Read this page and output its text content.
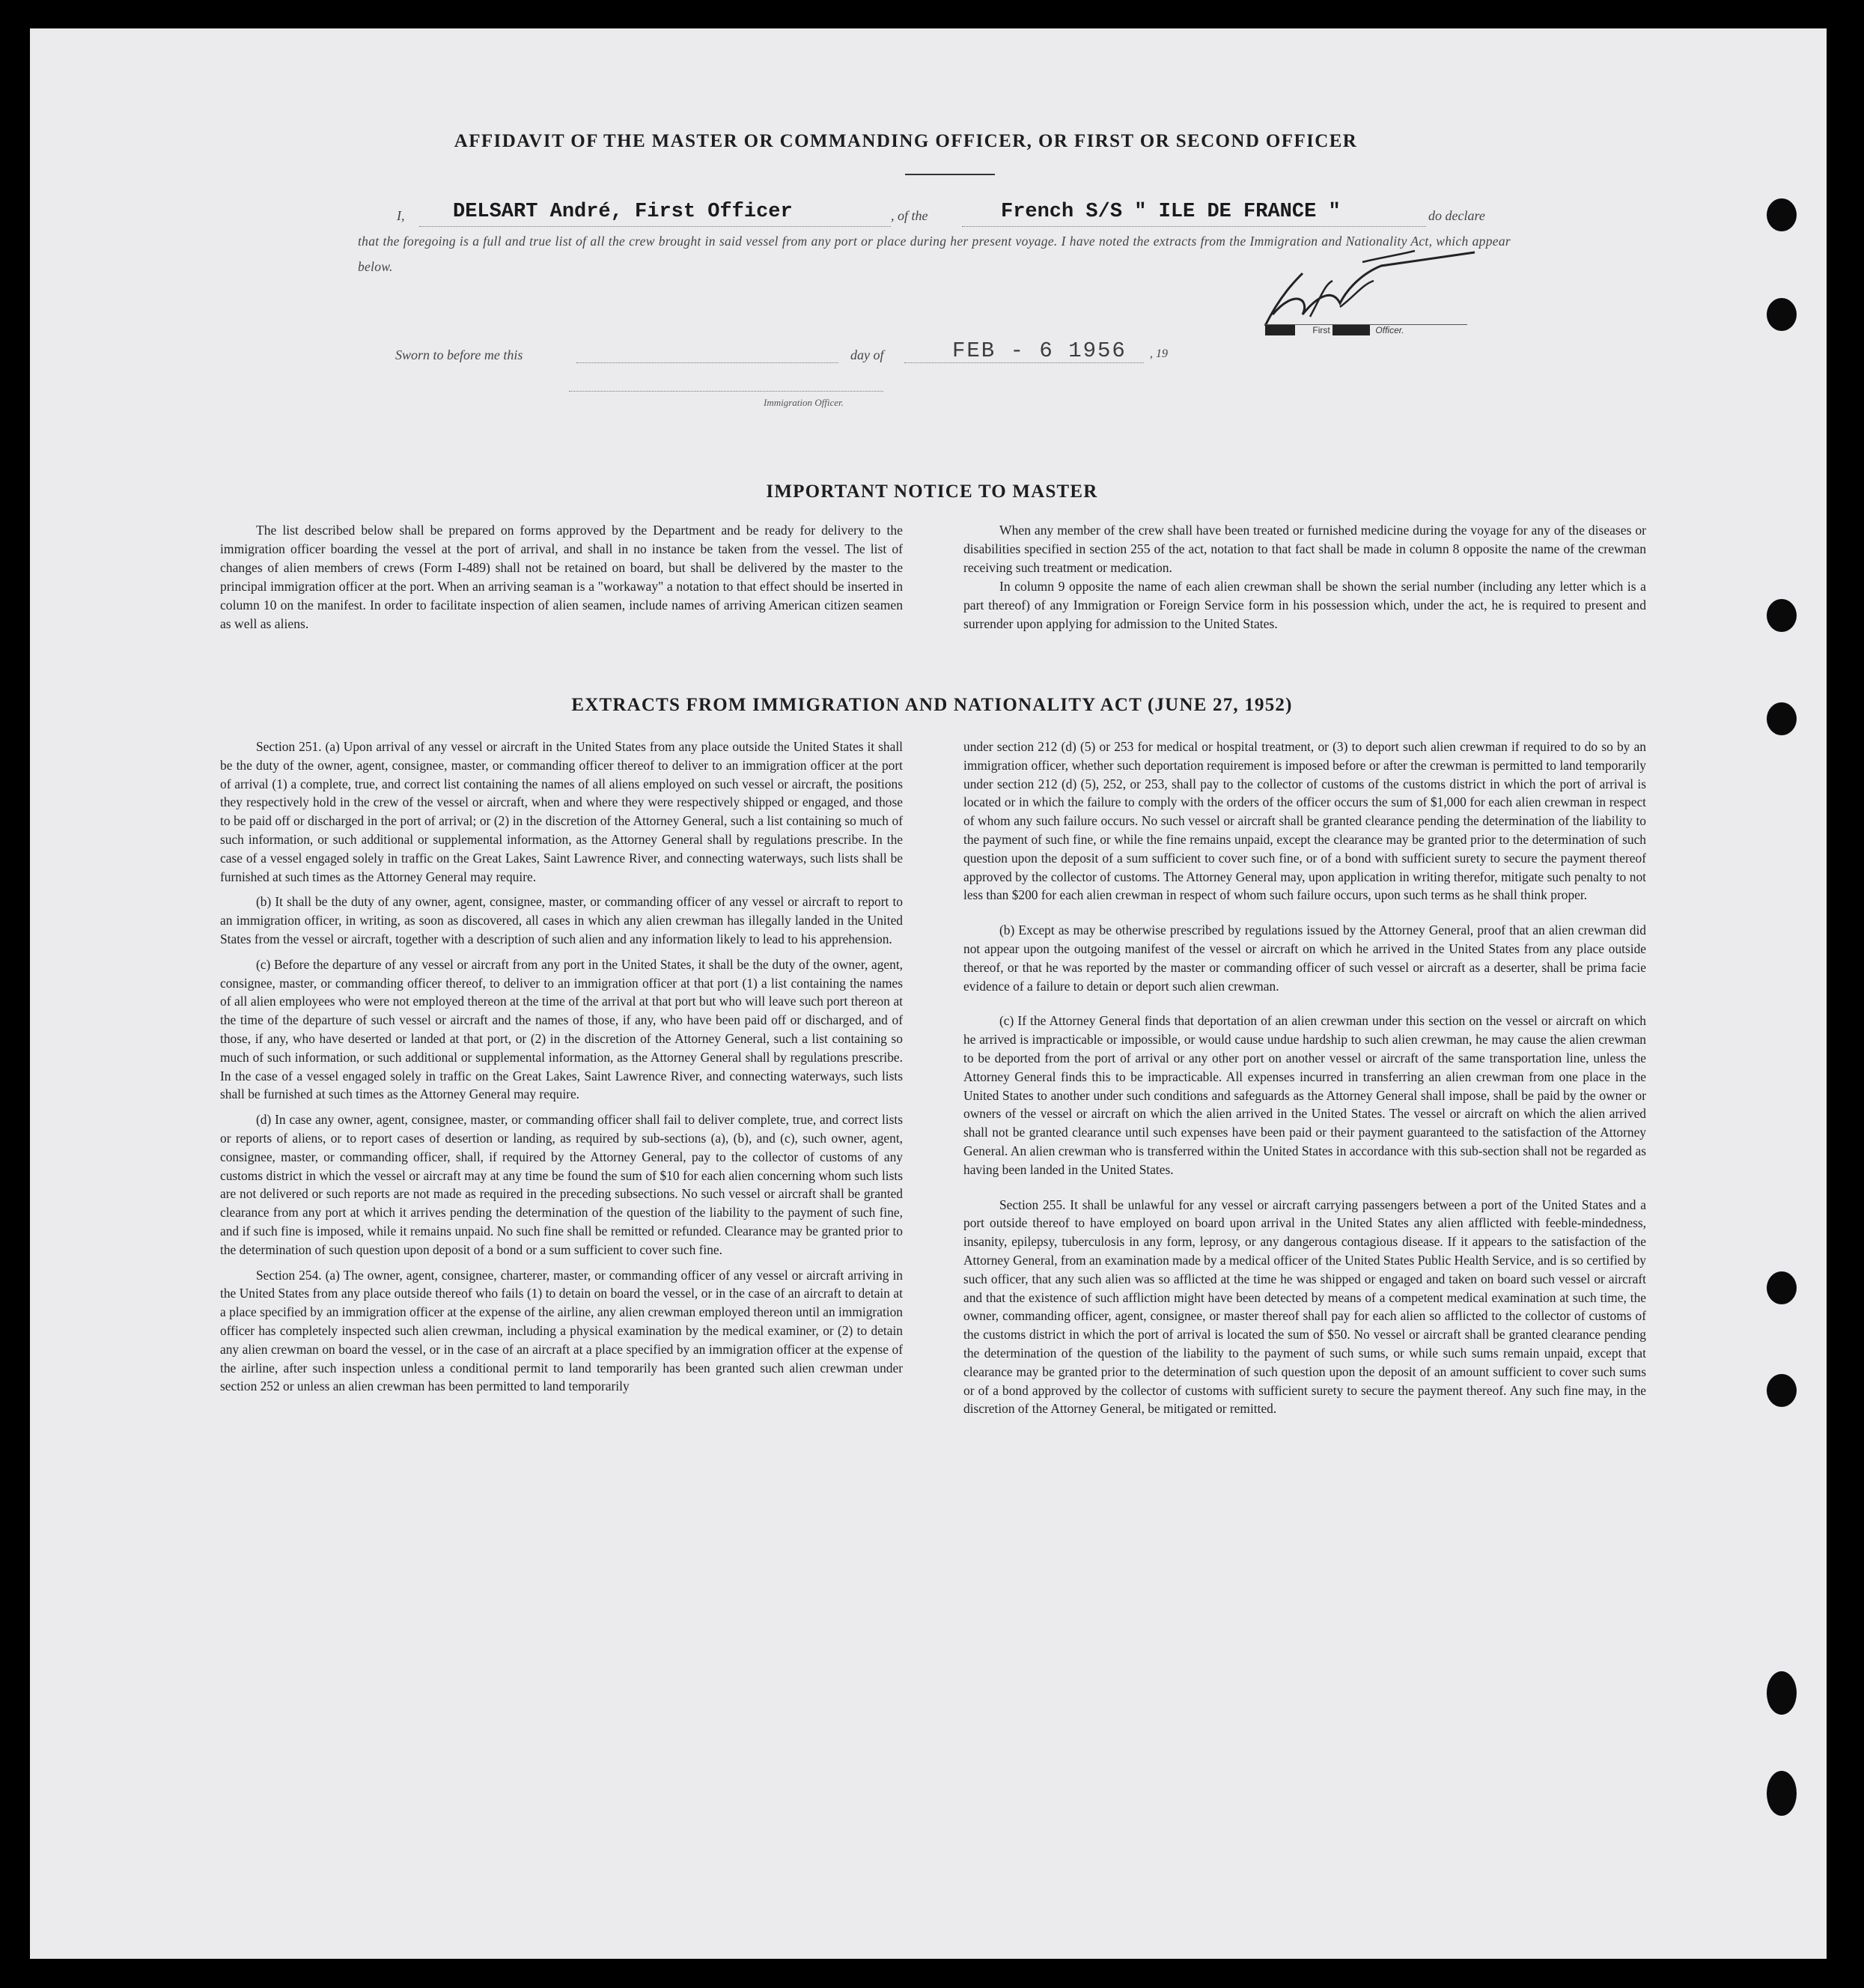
AFFIDAVIT OF THE MASTER OR COMMANDING OFFICER, OR FIRST OR SECOND OFFICER
I, DELSART André, First Officer	, of the	French S/S " ILE DE FRANCE "	do declare
that the foregoing is a full and true list of all the crew brought in said vessel from any port or place during her present voyage. I have noted the extracts from the Immigration and Nationality Act, which appear below.
XXXX First XXXXX Officer.
Sworn to before me this	day of	FEB - 6 1956 , 19
Immigration Officer.
IMPORTANT NOTICE TO MASTER

The list described below shall be prepared on forms approved by the Department and be ready for delivery to the immigration officer boarding the vessel at the port of arrival, and shall in no instance be taken from the vessel. The list of changes of alien members of crews (Form I-489) shall not be retained on board, but shall be delivered by the master to the principal immigration officer at the port. When an arriving seaman is a "workaway" a notation to that effect should be inserted in column 10 on the manifest. In order to facilitate inspection of alien seamen, include names of arriving American citizen seamen as well as aliens.

When any member of the crew shall have been treated or furnished medicine during the voyage for any of the diseases or disabilities specified in section 255 of the act, notation to that fact shall be made in column 8 opposite the name of the crewman receiving such treatment or medication.

In column 9 opposite the name of each alien crewman shall be shown the serial number (including any letter which is a part thereof) of any Immigration or Foreign Service form in his possession which, under the act, he is required to present and surrender upon applying for admission to the United States.

EXTRACTS FROM IMMIGRATION AND NATIONALITY ACT (JUNE 27, 1952)

Section 251. (a) Upon arrival of any vessel or aircraft in the United States from any place outside the United States it shall be the duty of the owner, agent, consignee, master, or commanding officer thereof to deliver to an immigration officer at the port of arrival (1) a complete, true, and correct list containing the names of all aliens employed on such vessel or aircraft, the positions they respectively hold in the crew of the vessel or aircraft, when and where they were respectively shipped or engaged, and those to be paid off or discharged in the port of arrival; or (2) in the discretion of the Attorney General, such a list containing so much of such information, or such additional or supplemental information, as the Attorney General shall by regulations prescribe. In the case of a vessel engaged solely in traffic on the Great Lakes, Saint Lawrence River, and connecting waterways, such lists shall be furnished at such times as the Attorney General may require.

(b) It shall be the duty of any owner, agent, consignee, master, or commanding officer of any vessel or aircraft to report to an immigration officer, in writing, as soon as discovered, all cases in which any alien crewman has illegally landed in the United States from the vessel or aircraft, together with a description of such alien and any information likely to lead to his apprehension.

(c) Before the departure of any vessel or aircraft from any port in the United States, it shall be the duty of the owner, agent, consignee, master, or commanding officer thereof, to deliver to an immigration officer at that port (1) a list containing the names of all alien employees who were not employed thereon at the time of the arrival at that port but who will leave such port thereon at the time of the departure of such vessel or aircraft and the names of those, if any, who have been paid off or discharged, and of those, if any, who have deserted or landed at that port, or (2) in the discretion of the Attorney General, such a list containing so much of such information, or such additional or supplemental information, as the Attorney General shall by regulations prescribe. In the case of a vessel engaged solely in traffic on the Great Lakes, Saint Lawrence River, and connecting waterways, such lists shall be furnished at such times as the Attorney General may require.

(d) In case any owner, agent, consignee, master, or commanding officer shall fail to deliver complete, true, and correct lists or reports of aliens, or to report cases of desertion or landing, as required by sub-sections (a), (b), and (c), such owner, agent, consignee, master, or commanding officer, shall, if required by the Attorney General, pay to the collector of customs of any customs district in which the vessel or aircraft may at any time be found the sum of $10 for each alien concerning whom such lists are not delivered or such reports are not made as required in the preceding subsections. No such vessel or aircraft shall be granted clearance from any port at which it arrives pending the determination of the question of the liability to the payment of such fine, and if such fine is imposed, while it remains unpaid. No such fine shall be remitted or refunded. Clearance may be granted prior to the determination of such question upon deposit of a bond or a sum sufficient to cover such fine.

Section 254. (a) The owner, agent, consignee, charterer, master, or commanding officer of any vessel or aircraft arriving in the United States from any place outside thereof who fails (1) to detain on board the vessel, or in the case of an aircraft to detain at a place specified by an immigration officer at the expense of the airline, any alien crewman employed thereon until an immigration officer has completely inspected such alien crewman, including a physical examination by the medical examiner, or (2) to detain any alien crewman on board the vessel, or in the case of an aircraft at a place specified by an immigration officer at the expense of the airline, after such inspection unless a conditional permit to land temporarily has been granted such alien crewman under section 252 or unless an alien crewman has been permitted to land temporarily

under section 212 (d) (5) or 253 for medical or hospital treatment, or (3) to deport such alien crewman if required to do so by an immigration officer, whether such deportation requirement is imposed before or after the crewman is permitted to land temporarily under section 212 (d) (5), 252, or 253, shall pay to the collector of customs of the customs district in which the port of arrival is located or in which the failure to comply with the orders of the officer occurs the sum of $1,000 for each alien crewman in respect of whom any such failure occurs. No such vessel or aircraft shall be granted clearance pending the determination of the liability to the payment of such fine, or while the fine remains unpaid, except the clearance may be granted prior to the determination of such question upon the deposit of a sum sufficient to cover such fine, or of a bond with sufficient surety to secure the payment thereof approved by the collector of customs. The Attorney General may, upon application in writing therefor, mitigate such penalty to not less than $200 for each alien crewman in respect of whom such failure occurs, upon such terms as he shall think proper.

(b) Except as may be otherwise prescribed by regulations issued by the Attorney General, proof that an alien crewman did not appear upon the outgoing manifest of the vessel or aircraft on which he arrived in the United States from any place outside thereof, or that he was reported by the master or commanding officer of such vessel or aircraft as a deserter, shall be prima facie evidence of a failure to detain or deport such alien crewman.

(c) If the Attorney General finds that deportation of an alien crewman under this section on the vessel or aircraft on which he arrived is impracticable or impossible, or would cause undue hardship to such alien crewman, he may cause the alien crewman to be deported from the port of arrival or any other port on another vessel or aircraft of the same transportation line, unless the Attorney General finds this to be impracticable. All expenses incurred in transferring an alien crewman from one place in the United States to another under such conditions and safeguards as the Attorney General shall impose, shall be paid by the owner or owners of the vessel or aircraft on which the alien arrived in the United States. The vessel or aircraft on which the alien arrived shall not be granted clearance until such expenses have been paid or their payment guaranteed to the satisfaction of the Attorney General. An alien crewman who is transferred within the United States in accordance with this sub-section shall not be regarded as having been landed in the United States.

Section 255. It shall be unlawful for any vessel or aircraft carrying passengers between a port of the United States and a port outside thereof to have employed on board upon arrival in the United States any alien afflicted with feeble-mindedness, insanity, epilepsy, tuberculosis in any form, leprosy, or any dangerous contagious disease. If it appears to the satisfaction of the Attorney General, from an examination made by a medical officer of the United States Public Health Service, and is so certified by such officer, that any such alien was so afflicted at the time he was shipped or engaged and taken on board such vessel or aircraft and that the existence of such affliction might have been detected by means of a competent medical examination at such time, the owner, commanding officer, agent, consignee, or master thereof shall pay for each alien so afflicted to the collector of customs of the customs district in which the port of arrival is located the sum of $50. No vessel or aircraft shall be granted clearance pending the determination of the question of the liability to the payment of such sums, or while such sums remain unpaid, except that clearance may be granted prior to the determination of such question upon the deposit of an amount sufficient to cover such sums or of a bond approved by the collector of customs with sufficient surety to secure the payment thereof. Any such fine may, in the discretion of the Attorney General, be mitigated or remitted.
